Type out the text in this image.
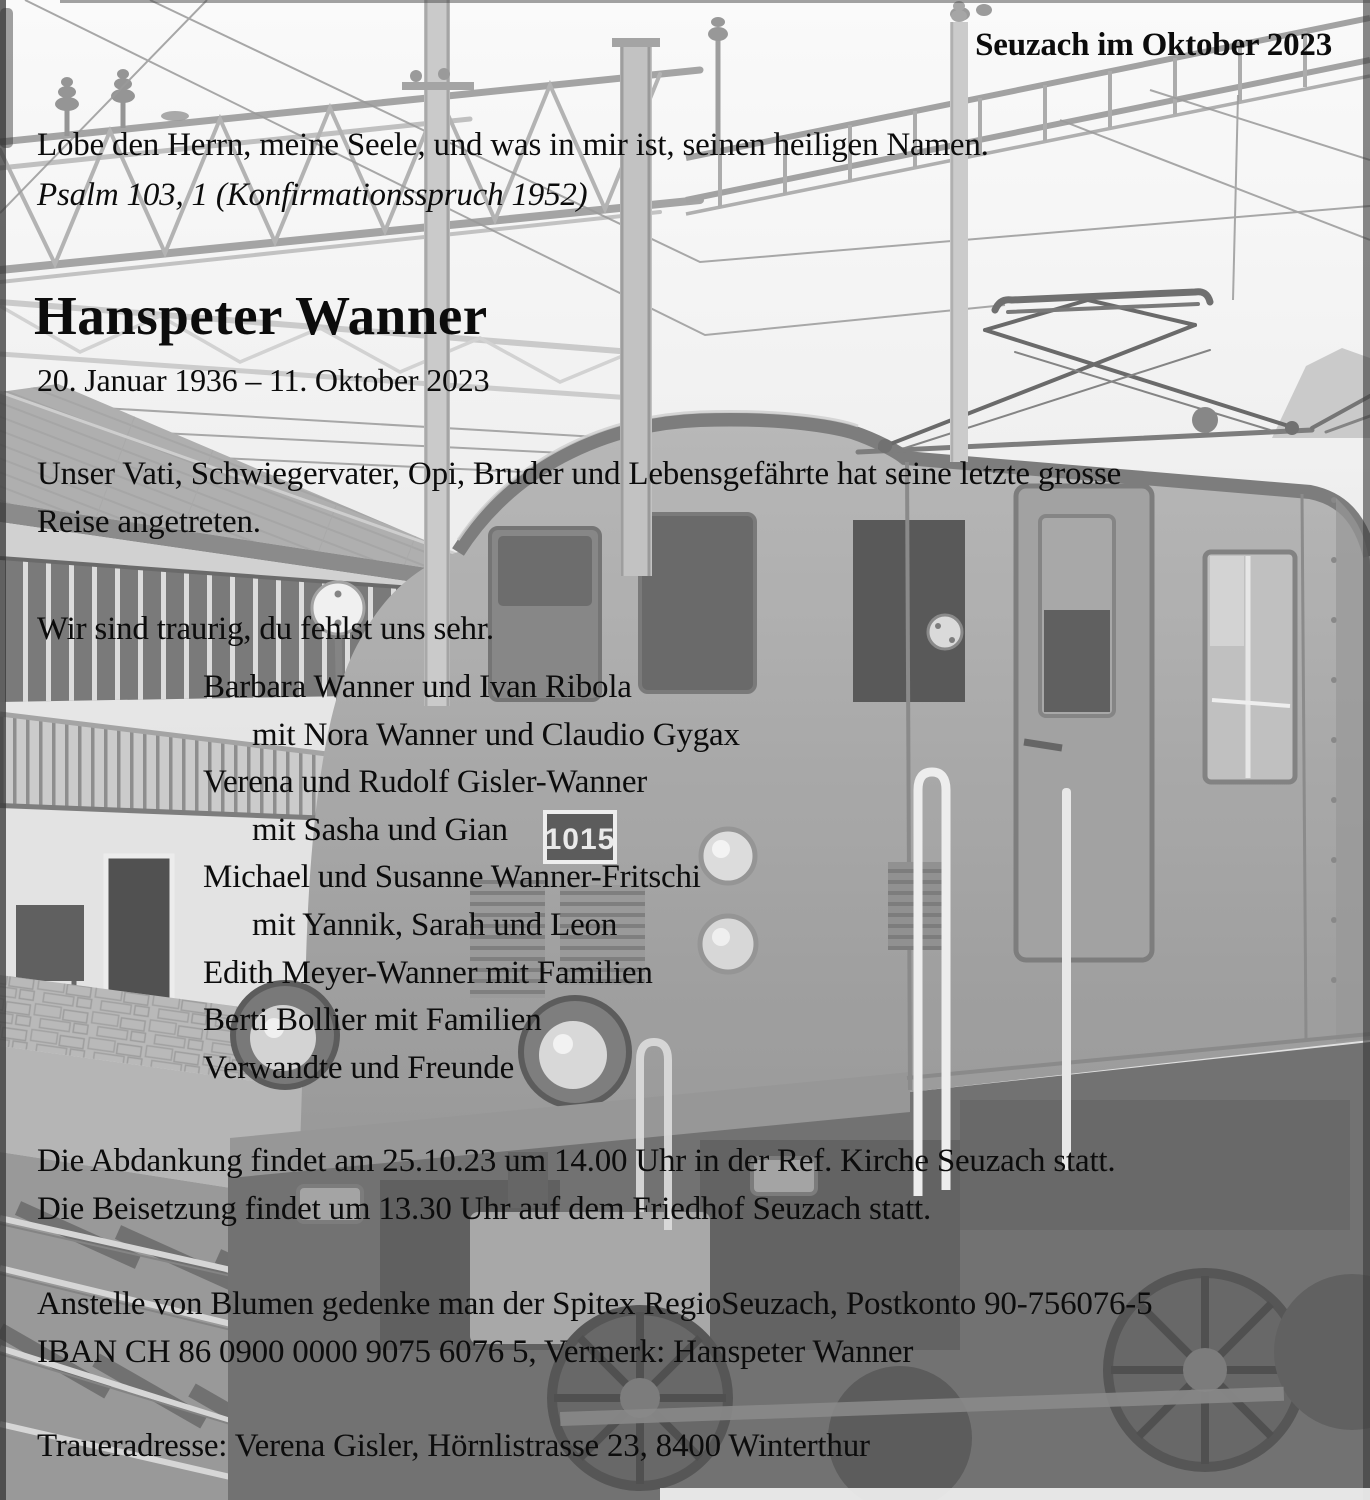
1015
Seuzach im Oktober 2023
Lobe den Herrn, meine Seele, und was in mir ist, seinen heiligen Namen.
Psalm 103, 1 (Konfirmationsspruch 1952)
Hanspeter Wanner
20. Januar 1936 – 11. Oktober 2023
Unser Vati, Schwiegervater, Opi, Bruder und Lebensgefährte hat seine letzte grosse
Reise angetreten.
Wir sind traurig, du fehlst uns sehr.
Barbara Wanner und Ivan Ribola
mit Nora Wanner und Claudio Gygax
Verena und Rudolf Gisler-Wanner
mit Sasha und Gian
Michael und Susanne Wanner-Fritschi
mit Yannik, Sarah und Leon
Edith Meyer-Wanner mit Familien
Berti Bollier mit Familien
Verwandte und Freunde
Die Abdankung findet am 25.10.23 um 14.00 Uhr in der Ref. Kirche Seuzach statt.
Die Beisetzung findet um 13.30 Uhr auf dem Friedhof Seuzach statt.
Anstelle von Blumen gedenke man der Spitex RegioSeuzach, Postkonto 90-756076-5
IBAN CH 86 0900 0000 9075 6076 5, Vermerk: Hanspeter Wanner
Traueradresse: Verena Gisler, Hörnlistrasse 23, 8400 Winterthur
